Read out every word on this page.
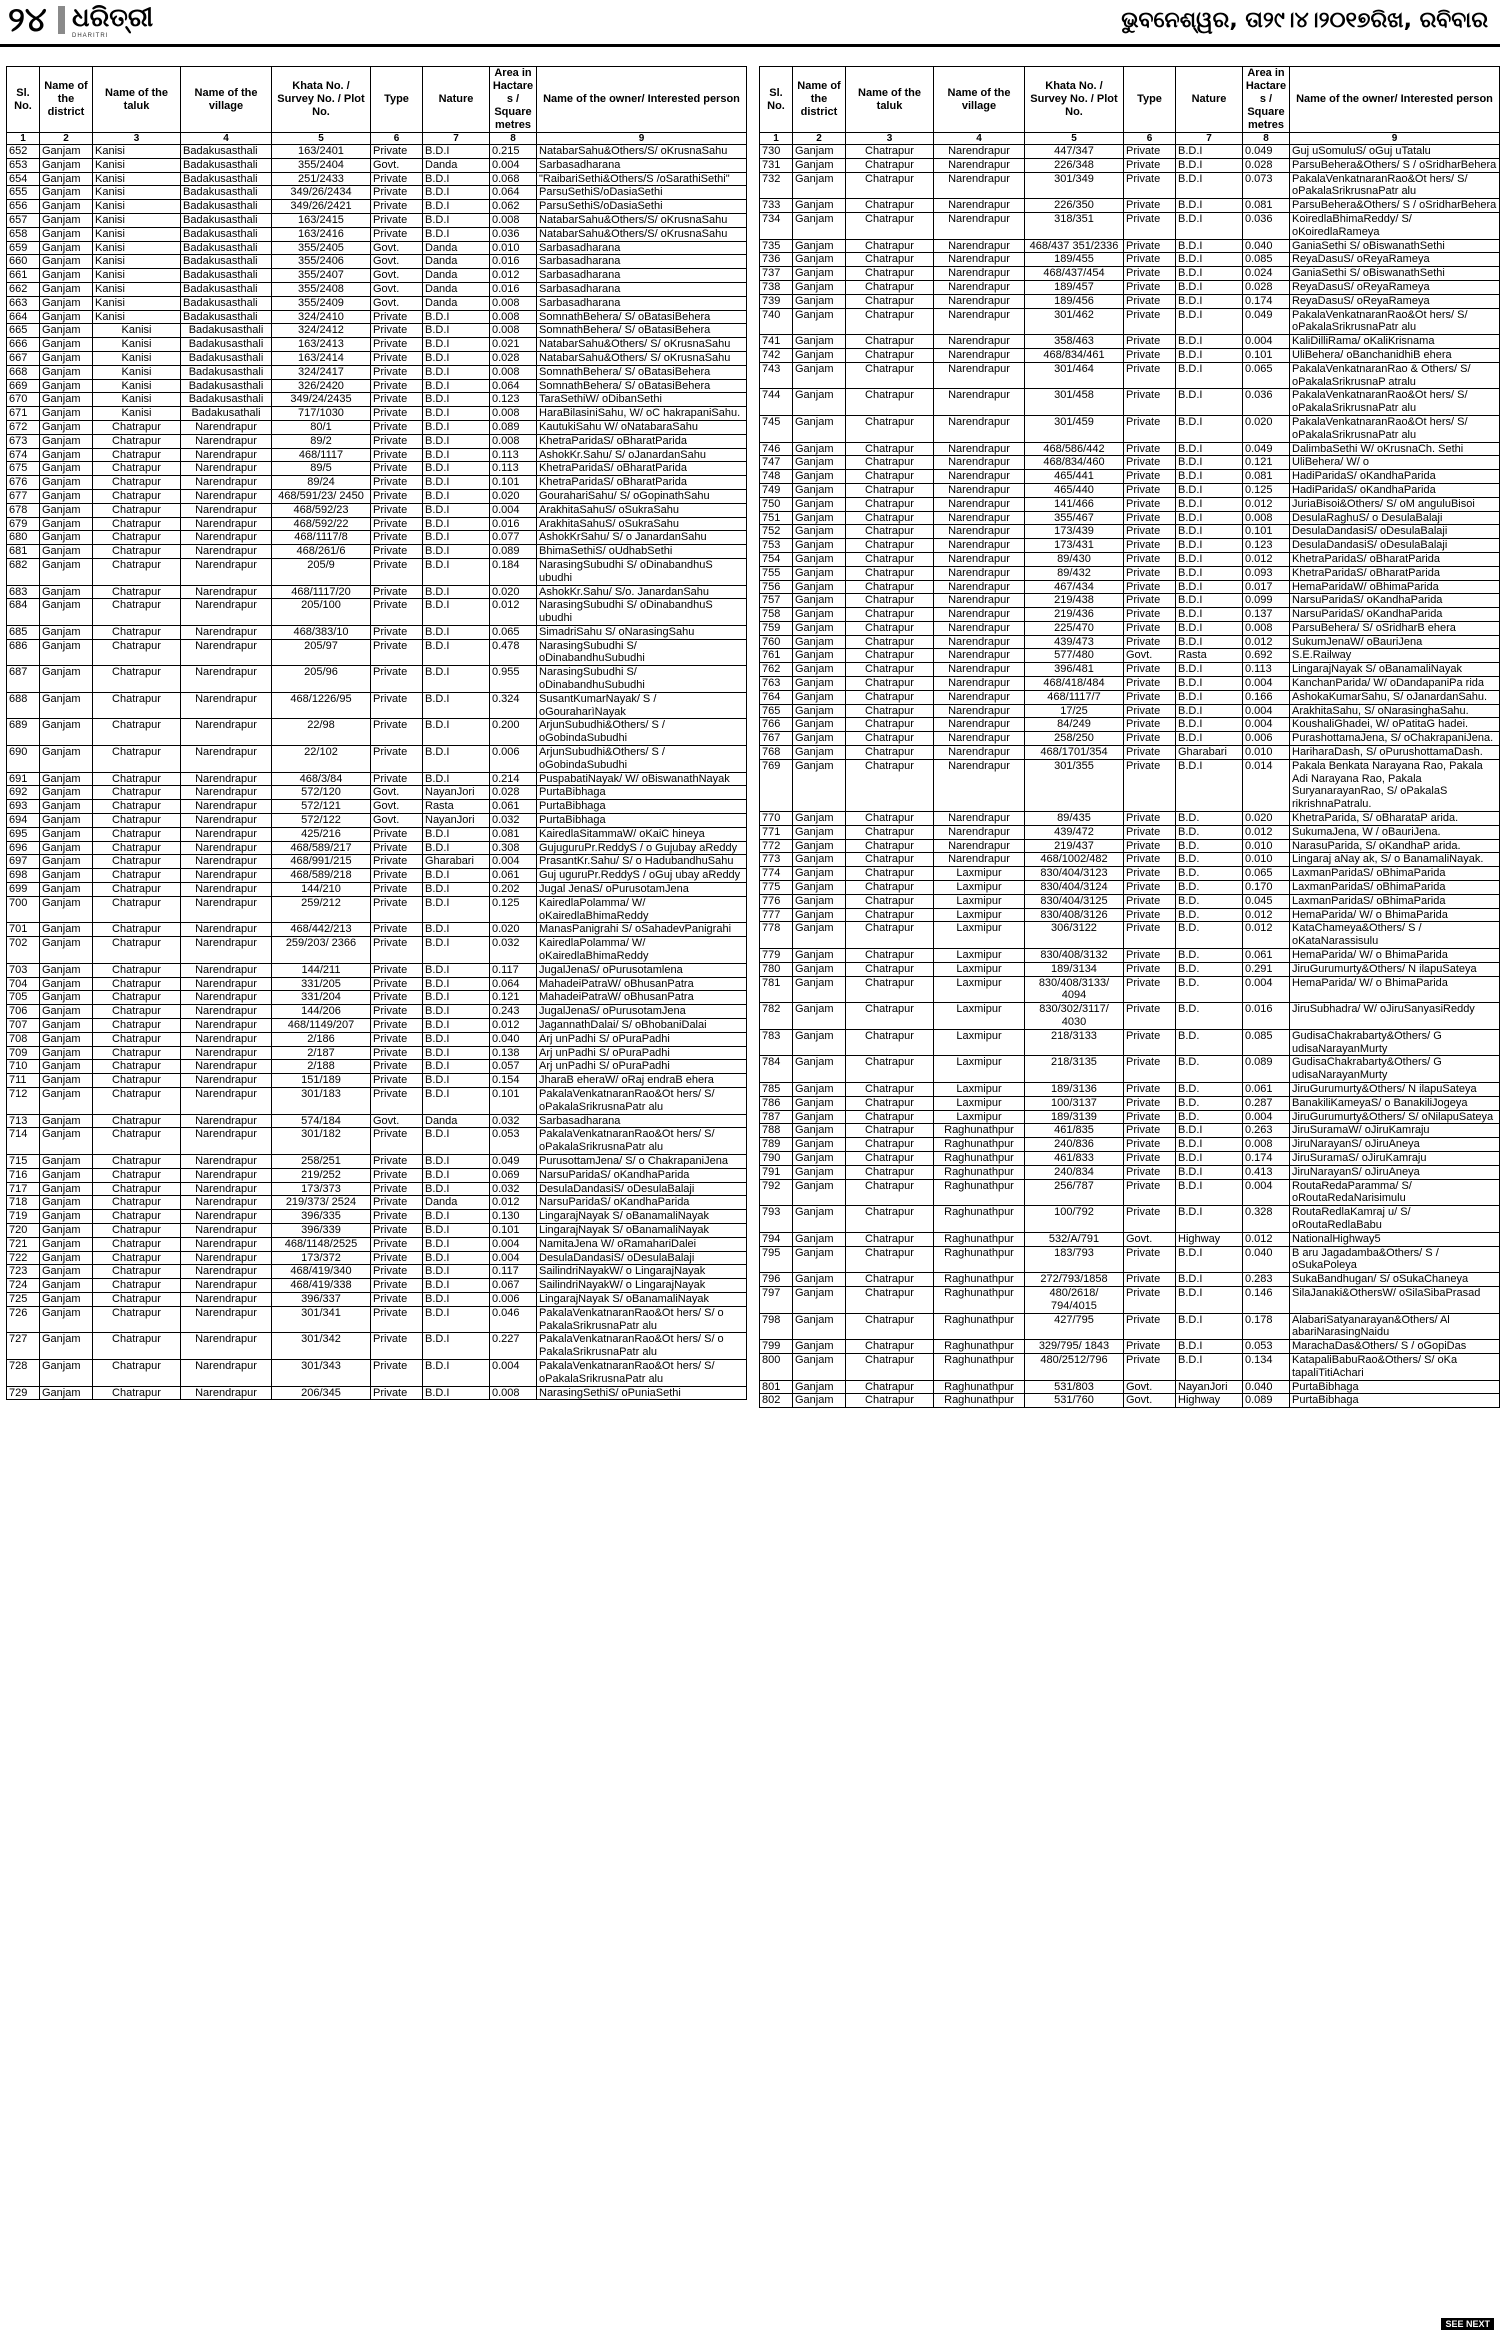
୨୪ ଧରିତ୍ରୀ
DHARITRI
ଭୁବନେଶ୍ୱର, ତା୨୯।୪।୨୦୧୭ରିଖ, ରବିବାର
Sl. No.	Name of the district	Name of the taluk	Name of the village	Khata No. / Survey No. / Plot No.	Type	Nature	Area in Hactares / Square metres	Name of the owner/ Interested person
1	2	3	4	5	6	7	8	9
652	Ganjam	Kanisi	Badakusasthali	163/2401	Private	B.D.I	0.215	NatabarSahu&Others/S/ oKrusnaSahu
653	Ganjam	Kanisi	Badakusasthali	355/2404	Govt.	Danda	0.004	Sarbasadharana
654	Ganjam	Kanisi	Badakusasthali	251/2433	Private	B.D.I	0.068	"RaibariSethi&Others/S /oSarathiSethi"
655	Ganjam	Kanisi	Badakusasthali	349/26/2434	Private	B.D.I	0.064	ParsuSethiS/oDasiaSethi
656	Ganjam	Kanisi	Badakusasthali	349/26/2421	Private	B.D.I	0.062	ParsuSethiS/oDasiaSethi
657	Ganjam	Kanisi	Badakusasthali	163/2415	Private	B.D.I	0.008	NatabarSahu&Others/S/ oKrusnaSahu
658	Ganjam	Kanisi	Badakusasthali	163/2416	Private	B.D.I	0.036	NatabarSahu&Others/S/ oKrusnaSahu
659	Ganjam	Kanisi	Badakusasthali	355/2405	Govt.	Danda	0.010	Sarbasadharana
660	Ganjam	Kanisi	Badakusasthali	355/2406	Govt.	Danda	0.016	Sarbasadharana
661	Ganjam	Kanisi	Badakusasthali	355/2407	Govt.	Danda	0.012	Sarbasadharana
662	Ganjam	Kanisi	Badakusasthali	355/2408	Govt.	Danda	0.016	Sarbasadharana
663	Ganjam	Kanisi	Badakusasthali	355/2409	Govt.	Danda	0.008	Sarbasadharana
664	Ganjam	Kanisi	Badakusasthali	324/2410	Private	B.D.I	0.008	SomnathBehera/ S/ oBatasiBehera
665	Ganjam	Kanisi	Badakusasthali	324/2412	Private	B.D.I	0.008	SomnathBehera/ S/ oBatasiBehera
666	Ganjam	Kanisi	Badakusasthali	163/2413	Private	B.D.I	0.021	NatabarSahu&Others/ S/ oKrusnaSahu
667	Ganjam	Kanisi	Badakusasthali	163/2414	Private	B.D.I	0.028	NatabarSahu&Others/ S/ oKrusnaSahu
668	Ganjam	Kanisi	Badakusasthali	324/2417	Private	B.D.I	0.008	SomnathBehera/ S/ oBatasiBehera
669	Ganjam	Kanisi	Badakusasthali	326/2420	Private	B.D.I	0.064	SomnathBehera/ S/ oBatasiBehera
670	Ganjam	Kanisi	Badakusasthali	349/24/2435	Private	B.D.I	0.123	TaraSethiW/ oDibanSethi
671	Ganjam	Kanisi	Badakusathali	717/1030	Private	B.D.I	0.008	HaraBilasiniSahu, W/ oC hakrapaniSahu.
672	Ganjam	Chatrapur	Narendrapur	80/1	Private	B.D.I	0.089	KautukiSahu W/ oNatabaraSahu
673	Ganjam	Chatrapur	Narendrapur	89/2	Private	B.D.I	0.008	KhetraParidaS/ oBharatParida
674	Ganjam	Chatrapur	Narendrapur	468/1117	Private	B.D.I	0.113	AshokKr.Sahu/ S/ oJanardanSahu
675	Ganjam	Chatrapur	Narendrapur	89/5	Private	B.D.I	0.113	KhetraParidaS/ oBharatParida
676	Ganjam	Chatrapur	Narendrapur	89/24	Private	B.D.I	0.101	KhetraParidaS/ oBharatParida
677	Ganjam	Chatrapur	Narendrapur	468/591/23/ 2450	Private	B.D.I	0.020	GourahariSahu/ S/ oGopinathSahu
678	Ganjam	Chatrapur	Narendrapur	468/592/23	Private	B.D.I	0.004	ArakhitaSahuS/ oSukraSahu
679	Ganjam	Chatrapur	Narendrapur	468/592/22	Private	B.D.I	0.016	ArakhitaSahuS/ oSukraSahu
680	Ganjam	Chatrapur	Narendrapur	468/1117/8	Private	B.D.I	0.077	AshokKrSahu/ S/ o JanardanSahu
681	Ganjam	Chatrapur	Narendrapur	468/261/6	Private	B.D.I	0.089	BhimaSethiS/ oUdhabSethi
682	Ganjam	Chatrapur	Narendrapur	205/9	Private	B.D.I	0.184	NarasingSubudhi S/ oDinabandhuS ubudhi
683	Ganjam	Chatrapur	Narendrapur	468/1117/20	Private	B.D.I	0.020	AshokKr.Sahu/ S/o. JanardanSahu
684	Ganjam	Chatrapur	Narendrapur	205/100	Private	B.D.I	0.012	NarasingSubudhi S/ oDinabandhuS ubudhi
685	Ganjam	Chatrapur	Narendrapur	468/383/10	Private	B.D.I	0.065	SimadriSahu S/ oNarasingSahu
686	Ganjam	Chatrapur	Narendrapur	205/97	Private	B.D.I	0.478	NarasingSubudhi S/ oDinabandhuSubudhi
687	Ganjam	Chatrapur	Narendrapur	205/96	Private	B.D.I	0.955	NarasingSubudhi S/ oDinabandhuSubudhi
688	Ganjam	Chatrapur	Narendrapur	468/1226/95	Private	B.D.I	0.324	SusantKumarNayak/ S / oGouraharìNayak
689	Ganjam	Chatrapur	Narendrapur	22/98	Private	B.D.I	0.200	ArjunSubudhi&Others/ S / oGobindaSubudhi
690	Ganjam	Chatrapur	Narendrapur	22/102	Private	B.D.I	0.006	ArjunSubudhi&Others/ S / oGobindaSubudhi
691	Ganjam	Chatrapur	Narendrapur	468/3/84	Private	B.D.I	0.214	PuspabatiNayak/ W/ oBiswanathNayak
692	Ganjam	Chatrapur	Narendrapur	572/120	Govt.	NayanJori	0.028	PurtaBibhaga
693	Ganjam	Chatrapur	Narendrapur	572/121	Govt.	Rasta	0.061	PurtaBibhaga
694	Ganjam	Chatrapur	Narendrapur	572/122	Govt.	NayanJori	0.032	PurtaBibhaga
695	Ganjam	Chatrapur	Narendrapur	425/216	Private	B.D.I	0.081	KairedlaSitammaW/ oKaiC hineya
696	Ganjam	Chatrapur	Narendrapur	468/589/217	Private	B.D.I	0.308	GujuguruPr.ReddyS / o Gujubay aReddy
697	Ganjam	Chatrapur	Narendrapur	468/991/215	Private	Gharabari	0.004	PrasantKr.Sahu/ S/ o HadubandhuSahu
698	Ganjam	Chatrapur	Narendrapur	468/589/218	Private	B.D.I	0.061	Guj uguruPr.ReddyS / oGuj ubay aReddy
699	Ganjam	Chatrapur	Narendrapur	144/210	Private	B.D.I	0.202	Jugal JenaS/ oPurusotamJena
700	Ganjam	Chatrapur	Narendrapur	259/212	Private	B.D.I	0.125	KairedlaPolamma/ W/ oKairedlaBhimaReddy
701	Ganjam	Chatrapur	Narendrapur	468/442/213	Private	B.D.I	0.020	ManasPanigrahi S/ oSahadevPanigrahi
702	Ganjam	Chatrapur	Narendrapur	259/203/ 2366	Private	B.D.I	0.032	KairedlaPolamma/ W/ oKairedlaBhimaReddy
703	Ganjam	Chatrapur	Narendrapur	144/211	Private	B.D.I	0.117	JugalJenaS/ oPurusotamlena
704	Ganjam	Chatrapur	Narendrapur	331/205	Private	B.D.I	0.064	MahadeiPatraW/ oBhusanPatra
705	Ganjam	Chatrapur	Narendrapur	331/204	Private	B.D.I	0.121	MahadeiPatraW/ oBhusanPatra
706	Ganjam	Chatrapur	Narendrapur	144/206	Private	B.D.I	0.243	JugalJenaS/ oPurusotamJena
707	Ganjam	Chatrapur	Narendrapur	468/1149/207	Private	B.D.I	0.012	JagannathDalai/ S/ oBhobaniDalai
708	Ganjam	Chatrapur	Narendrapur	2/186	Private	B.D.I	0.040	Arj unPadhi S/ oPuraPadhi
709	Ganjam	Chatrapur	Narendrapur	2/187	Private	B.D.I	0.138	Arj unPadhi S/ oPuraPadhi
710	Ganjam	Chatrapur	Narendrapur	2/188	Private	B.D.I	0.057	Arj unPadhi S/ oPuraPadhi
711	Ganjam	Chatrapur	Narendrapur	151/189	Private	B.D.I	0.154	JharaB eheraW/ oRaj endraB ehera
712	Ganjam	Chatrapur	Narendrapur	301/183	Private	B.D.I	0.101	PakalaVenkatnaranRao&Ot hers/ S/ oPakalaSrikrusnaPatr alu
713	Ganjam	Chatrapur	Narendrapur	574/184	Govt.	Danda	0.032	Sarbasadharana
714	Ganjam	Chatrapur	Narendrapur	301/182	Private	B.D.I	0.053	PakalaVenkatnaranRao&Ot hers/ S/ oPakalaSrikrusnaPatr alu
715	Ganjam	Chatrapur	Narendrapur	258/251	Private	B.D.I	0.049	PurusottamJena/ S/ o ChakrapaniJena
716	Ganjam	Chatrapur	Narendrapur	219/252	Private	B.D.I	0.069	NarsuParidaS/ oKandhaParida
717	Ganjam	Chatrapur	Narendrapur	173/373	Private	B.D.I	0.032	DesulaDandasiS/ oDesulaBalaji
718	Ganjam	Chatrapur	Narendrapur	219/373/ 2524	Private	Danda	0.012	NarsuParidaS/ oKandhaParida
719	Ganjam	Chatrapur	Narendrapur	396/335	Private	B.D.I	0.130	LingarajNayak S/ oBanamaliNayak
720	Ganjam	Chatrapur	Narendrapur	396/339	Private	B.D.I	0.101	LingarajNayak S/ oBanamaliNayak
721	Ganjam	Chatrapur	Narendrapur	468/1148/2525	Private	B.D.I	0.004	NamitaJena W/ oRamahariDalei
722	Ganjam	Chatrapur	Narendrapur	173/372	Private	B.D.I	0.004	DesulaDandasiS/ oDesulaBalaji
723	Ganjam	Chatrapur	Narendrapur	468/419/340	Private	B.D.I	0.117	SailindriNayakW/ o LingarajNayak
724	Ganjam	Chatrapur	Narendrapur	468/419/338	Private	B.D.I	0.067	SailindriNayakW/ o LingarajNayak
725	Ganjam	Chatrapur	Narendrapur	396/337	Private	B.D.I	0.006	LingarajNayak S/ oBanamaliNayak
726	Ganjam	Chatrapur	Narendrapur	301/341	Private	B.D.I	0.046	PakalaVenkatnaranRao&Ot hers/ S/ o PakalaSrikrusnaPatr alu
727	Ganjam	Chatrapur	Narendrapur	301/342	Private	B.D.I	0.227	PakalaVenkatnaranRao&Ot hers/ S/ o PakalaSrikrusnaPatr alu
728	Ganjam	Chatrapur	Narendrapur	301/343	Private	B.D.I	0.004	PakalaVenkatnaranRao&Ot hers/ S/ oPakalaSrikrusnaPatr alu
729	Ganjam	Chatrapur	Narendrapur	206/345	Private	B.D.I	0.008	NarasingSethiS/ oPuniaSethi
Sl. No.	Name of the district	Name of the taluk	Name of the village	Khata No. / Survey No. / Plot No.	Type	Nature	Area in Hactares / Square metres	Name of the owner/ Interested person
1	2	3	4	5	6	7	8	9
730	Ganjam	Chatrapur	Narendrapur	447/347	Private	B.D.I	0.049	Guj uSomuluS/ oGuj uTatalu
731	Ganjam	Chatrapur	Narendrapur	226/348	Private	B.D.I	0.028	ParsuBehera&Others/ S / oSridharBehera
732	Ganjam	Chatrapur	Narendrapur	301/349	Private	B.D.I	0.073	PakalaVenkatnaranRao&Ot hers/ S/ oPakalaSrikrusnaPatr alu
733	Ganjam	Chatrapur	Narendrapur	226/350	Private	B.D.I	0.081	ParsuBehera&Others/ S / oSridharBehera
734	Ganjam	Chatrapur	Narendrapur	318/351	Private	B.D.I	0.036	KoiredlaBhimaReddy/ S/ oKoiredlaRameya
735	Ganjam	Chatrapur	Narendrapur	468/437 351/2336	Private	B.D.I	0.040	GaniaSethi S/ oBiswanathSethi
736	Ganjam	Chatrapur	Narendrapur	189/455	Private	B.D.I	0.085	ReyaDasuS/ oReyaRameya
737	Ganjam	Chatrapur	Narendrapur	468/437/454	Private	B.D.I	0.024	GaniaSethi S/ oBiswanathSethi
738	Ganjam	Chatrapur	Narendrapur	189/457	Private	B.D.I	0.028	ReyaDasuS/ oReyaRameya
739	Ganjam	Chatrapur	Narendrapur	189/456	Private	B.D.I	0.174	ReyaDasuS/ oReyaRameya
740	Ganjam	Chatrapur	Narendrapur	301/462	Private	B.D.I	0.049	PakalaVenkatnaranRao&Ot hers/ S/ oPakalaSrikrusnaPatr alu
741	Ganjam	Chatrapur	Narendrapur	358/463	Private	B.D.I	0.004	KaliDilliRama/ oKaliKrisnama
742	Ganjam	Chatrapur	Narendrapur	468/834/461	Private	B.D.I	0.101	UliBehera/ oBanchanidhiB ehera
743	Ganjam	Chatrapur	Narendrapur	301/464	Private	B.D.I	0.065	PakalaVenkatnaranRao & Others/ S/ oPakalaSrikrusnaP atralu
744	Ganjam	Chatrapur	Narendrapur	301/458	Private	B.D.I	0.036	PakalaVenkatnaranRao&Ot hers/ S/ oPakalaSrikrusnaPatr alu
745	Ganjam	Chatrapur	Narendrapur	301/459	Private	B.D.I	0.020	PakalaVenkatnaranRao&Ot hers/ S/ oPakalaSrikrusnaPatr alu
746	Ganjam	Chatrapur	Narendrapur	468/586/442	Private	B.D.I	0.049	DalimbaSethi W/ oKrusnaCh. Sethi
747	Ganjam	Chatrapur	Narendrapur	468/834/460	Private	B.D.I	0.121	UliBehera/ W/ o
748	Ganjam	Chatrapur	Narendrapur	465/441	Private	B.D.I	0.081	HadiParidaS/ oKandhaParida
749	Ganjam	Chatrapur	Narendrapur	465/440	Private	B.D.I	0.125	HadiParidaS/ oKandhaParida
750	Ganjam	Chatrapur	Narendrapur	141/466	Private	B.D.I	0.012	JuriaBisoi&Others/ S/ oM anguluBisoi
751	Ganjam	Chatrapur	Narendrapur	355/467	Private	B.D.I	0.008	DesulaRaghuS/ o DesulaBalaji
752	Ganjam	Chatrapur	Narendrapur	173/439	Private	B.D.I	0.101	DesulaDandasiS/ oDesulaBalaji
753	Ganjam	Chatrapur	Narendrapur	173/431	Private	B.D.I	0.123	DesulaDandasiS/ oDesulaBalaji
754	Ganjam	Chatrapur	Narendrapur	89/430	Private	B.D.I	0.012	KhetraParidaS/ oBharatParida
755	Ganjam	Chatrapur	Narendrapur	89/432	Private	B.D.I	0.093	KhetraParidaS/ oBharatParida
756	Ganjam	Chatrapur	Narendrapur	467/434	Private	B.D.I	0.017	HemaParidaW/ oBhimaParida
757	Ganjam	Chatrapur	Narendrapur	219/438	Private	B.D.I	0.099	NarsuParidaS/ oKandhaParida
758	Ganjam	Chatrapur	Narendrapur	219/436	Private	B.D.I	0.137	NarsuParidaS/ oKandhaParida
759	Ganjam	Chatrapur	Narendrapur	225/470	Private	B.D.I	0.008	ParsuBehera/ S/ oSridharB ehera
760	Ganjam	Chatrapur	Narendrapur	439/473	Private	B.D.I	0.012	SukumJenaW/ oBauriJena
761	Ganjam	Chatrapur	Narendrapur	577/480	Govt.	Rasta	0.692	S.E.Railway
762	Ganjam	Chatrapur	Narendrapur	396/481	Private	B.D.I	0.113	LingarajNayak S/ oBanamaliNayak
763	Ganjam	Chatrapur	Narendrapur	468/418/484	Private	B.D.I	0.004	KanchanParida/ W/ oDandapaniPa rida
764	Ganjam	Chatrapur	Narendrapur	468/1117/7	Private	B.D.I	0.166	AshokaKumarSahu, S/ oJanardanSahu.
765	Ganjam	Chatrapur	Narendrapur	17/25	Private	B.D.I	0.004	ArakhitaSahu, S/ oNarasinghaSahu.
766	Ganjam	Chatrapur	Narendrapur	84/249	Private	B.D.I	0.004	KoushaliGhadei, W/ oPatitaG hadei.
767	Ganjam	Chatrapur	Narendrapur	258/250	Private	B.D.I	0.006	PurashottamaJena, S/ oChakrapaniJena.
768	Ganjam	Chatrapur	Narendrapur	468/1701/354	Private	Gharabari	0.010	HariharaDash, S/ oPurushottamaDash.
769	Ganjam	Chatrapur	Narendrapur	301/355	Private	B.D.I	0.014	Pakala Benkata Narayana Rao, Pakala Adi Narayana Rao, Pakala SuryanarayanRao, S/ oPakalaS rikrishnaPatralu.
770	Ganjam	Chatrapur	Narendrapur	89/435	Private	B.D.	0.020	KhetraParida, S/ oBharataP arida.
771	Ganjam	Chatrapur	Narendrapur	439/472	Private	B.D.	0.012	SukumaJena, W / oBauriJena.
772	Ganjam	Chatrapur	Narendrapur	219/437	Private	B.D.	0.010	NarasuParida, S/ oKandhaP arida.
773	Ganjam	Chatrapur	Narendrapur	468/1002/482	Private	B.D.	0.010	Lingaraj aNay ak, S/ o BanamaliNayak.
774	Ganjam	Chatrapur	Laxmipur	830/404/3123	Private	B.D.	0.065	LaxmanParidaS/ oBhimaParida
775	Ganjam	Chatrapur	Laxmipur	830/404/3124	Private	B.D.	0.170	LaxmanParidaS/ oBhimaParida
776	Ganjam	Chatrapur	Laxmipur	830/404/3125	Private	B.D.	0.045	LaxmanParidaS/ oBhimaParida
777	Ganjam	Chatrapur	Laxmipur	830/408/3126	Private	B.D.	0.012	HemaParida/ W/ o BhimaParida
778	Ganjam	Chatrapur	Laxmipur	306/3122	Private	B.D.	0.012	KataChameya&Others/ S / oKataNarassisulu
779	Ganjam	Chatrapur	Laxmipur	830/408/3132	Private	B.D.	0.061	HemaParida/ W/ o BhimaParida
780	Ganjam	Chatrapur	Laxmipur	189/3134	Private	B.D.	0.291	JiruGurumurty&Others/ N ilapuSateya
781	Ganjam	Chatrapur	Laxmipur	830/408/3133/ 4094	Private	B.D.	0.004	HemaParida/ W/ o BhimaParida
782	Ganjam	Chatrapur	Laxmipur	830/302/3117/ 4030	Private	B.D.	0.016	JiruSubhadra/ W/ oJiruSanyasiReddy
783	Ganjam	Chatrapur	Laxmipur	218/3133	Private	B.D.	0.085	GudisaChakrabarty&Others/ G udisaNarayanMurty
784	Ganjam	Chatrapur	Laxmipur	218/3135	Private	B.D.	0.089	GudisaChakrabarty&Others/ G udisaNarayanMurty
785	Ganjam	Chatrapur	Laxmipur	189/3136	Private	B.D.	0.061	JiruGurumurty&Others/ N ilapuSateya
786	Ganjam	Chatrapur	Laxmipur	100/3137	Private	B.D.	0.287	BanakiliKameyaS/ o BanakiliJogeya
787	Ganjam	Chatrapur	Laxmipur	189/3139	Private	B.D.	0.004	JiruGurumurty&Others/ S/ oNilapuSateya
788	Ganjam	Chatrapur	Raghunathpur	461/835	Private	B.D.I	0.263	JiruSuramaW/ oJiruKamraju
789	Ganjam	Chatrapur	Raghunathpur	240/836	Private	B.D.I	0.008	JiruNarayanS/ oJiruAneya
790	Ganjam	Chatrapur	Raghunathpur	461/833	Private	B.D.I	0.174	JiruSuramaS/ oJiruKamraju
791	Ganjam	Chatrapur	Raghunathpur	240/834	Private	B.D.I	0.413	JiruNarayanS/ oJiruAneya
792	Ganjam	Chatrapur	Raghunathpur	256/787	Private	B.D.I	0.004	RoutaRedaParamma/ S/ oRoutaRedaNarisimulu
793	Ganjam	Chatrapur	Raghunathpur	100/792	Private	B.D.I	0.328	RoutaRedlaKamraj u/ S/ oRoutaRedlaBabu
794	Ganjam	Chatrapur	Raghunathpur	532/A/791	Govt.	Highway	0.012	NationalHighway5
795	Ganjam	Chatrapur	Raghunathpur	183/793	Private	B.D.I	0.040	B aru Jagadamba&Others/ S / oSukaPoleya
796	Ganjam	Chatrapur	Raghunathpur	272/793/1858	Private	B.D.I	0.283	SukaBandhugan/ S/ oSukaChaneya
797	Ganjam	Chatrapur	Raghunathpur	480/2618/ 794/4015	Private	B.D.I	0.146	SilaJanaki&OthersW/ oSilaSibaPrasad
798	Ganjam	Chatrapur	Raghunathpur	427/795	Private	B.D.I	0.178	AlabariSatyanarayan&Others/ Al abariNarasingNaidu
799	Ganjam	Chatrapur	Raghunathpur	329/795/ 1843	Private	B.D.I	0.053	MarachaDas&Others/ S / oGopiDas
800	Ganjam	Chatrapur	Raghunathpur	480/2512/796	Private	B.D.I	0.134	KatapaliBabuRao&Others/ S/ oKa tapaliTitiAchari
801	Ganjam	Chatrapur	Raghunathpur	531/803	Govt.	NayanJori	0.040	PurtaBibhaga
802	Ganjam	Chatrapur	Raghunathpur	531/760	Govt.	Highway	0.089	PurtaBibhaga
SEE NEXT
